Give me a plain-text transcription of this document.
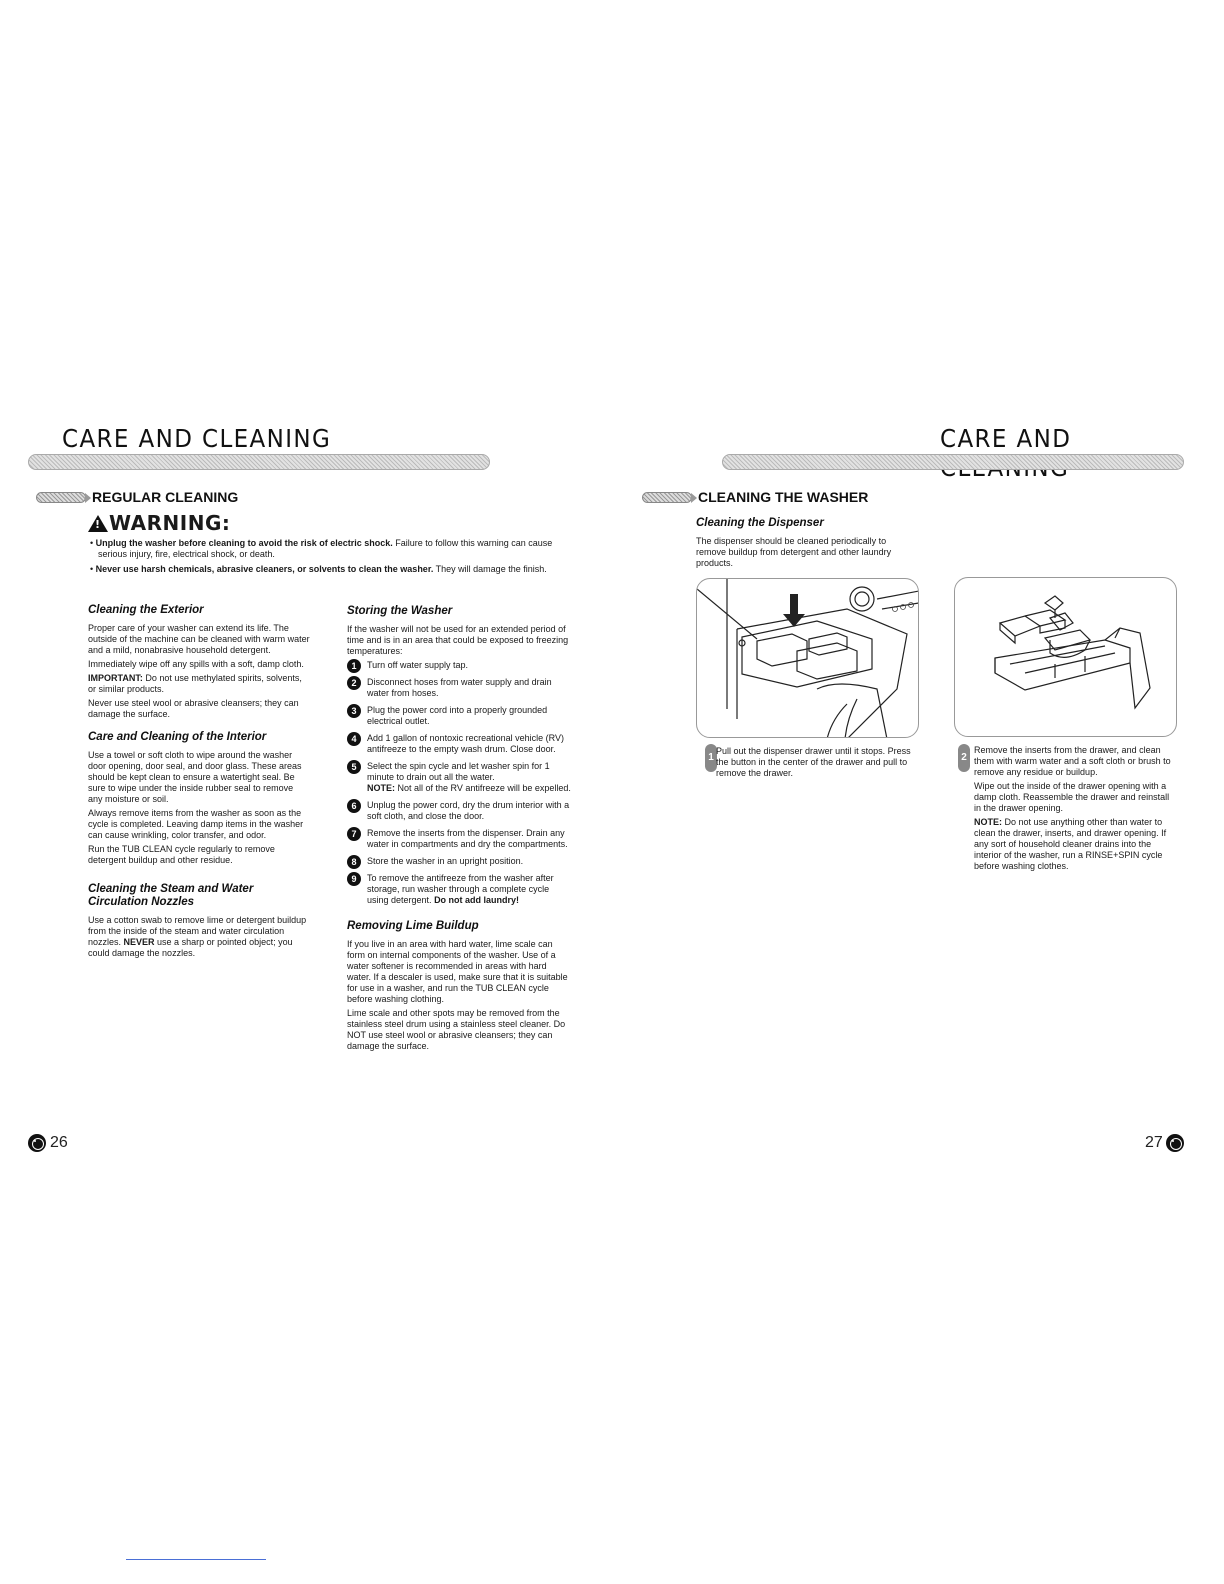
CARE AND CLEANING
REGULAR CLEANING
!
WARNING:
• Unplug the washer before cleaning to avoid the risk of electric shock. Failure to follow this warning can cause serious injury, fire, electrical shock, or death.
• Never use harsh chemicals, abrasive cleaners, or solvents to clean the washer. They will damage the finish.
Cleaning the Exterior

Proper care of your washer can extend its life. The outside of the machine can be cleaned with warm water and a mild, nonabrasive household detergent.

Immediately wipe off any spills with a soft, damp cloth.

IMPORTANT: Do not use methylated spirits, solvents, or similar products.

Never use steel wool or abrasive cleansers; they can damage the surface.

Care and Cleaning of the Interior

Use a towel or soft cloth to wipe around the washer door opening, door seal, and door glass. These areas should be kept clean to ensure a watertight seal. Be sure to wipe under the inside rubber seal to remove any moisture or soil.

Always remove items from the washer as soon as the cycle is completed. Leaving damp items in the washer can cause wrinkling, color transfer, and odor.

Run the TUB CLEAN cycle regularly to remove detergent buildup and other residue.

Cleaning the Steam and Water Circulation Nozzles

Use a cotton swab to remove lime or detergent buildup from the inside of the steam and water circulation nozzles. NEVER use a sharp or pointed object; you could damage the nozzles.

Storing the Washer

If the washer will not be used for an extended period of time and is in an area that could be exposed to freezing temperatures:

1	Turn off water supply tap.
2	Disconnect hoses from water supply and drain water from hoses.
3	Plug the power cord into a properly grounded electrical outlet.
4	Add 1 gallon of nontoxic recreational vehicle (RV) antifreeze to the empty wash drum. Close door.
5	Select the spin cycle and let washer spin for 1 minute to drain out all the water.
NOTE: Not all of the RV antifreeze will be expelled.
6	Unplug the power cord, dry the drum interior with a soft cloth, and close the door.
7	Remove the inserts from the dispenser. Drain any water in compartments and dry the compartments.
8	Store the washer in an upright position.
9	To remove the antifreeze from the washer after storage, run washer through a complete cycle using detergent. Do not add laundry!
Removing Lime Buildup

If you live in an area with hard water, lime scale can form on internal components of the washer. Use of a water softener is recommended in areas with hard water. If a descaler is used, make sure that it is suitable for use in a washer, and run the TUB CLEAN cycle before washing clothing.

Lime scale and other spots may be removed from the stainless steel drum using a stainless steel cleaner. Do NOT use steel wool or abrasive cleansers; they can damage the surface.

26
CARE AND
CLEANING THE WASHER
Cleaning the Dispenser

The dispenser should be cleaned periodically to remove buildup from detergent and other laundry products.

1
Pull out the dispenser drawer until it stops. Press the button in the center of the drawer and pull to remove the drawer.
2

Remove the inserts from the drawer, and clean them with warm water and a soft cloth or brush to remove any residue or buildup.

Wipe out the inside of the drawer opening with a damp cloth. Reassemble the drawer and reinstall in the drawer opening.

NOTE: Do not use anything other than water to clean the drawer, inserts, and drawer opening. If any sort of household cleaner drains into the interior of the washer, run a RINSE+SPIN cycle before washing clothes.

27
